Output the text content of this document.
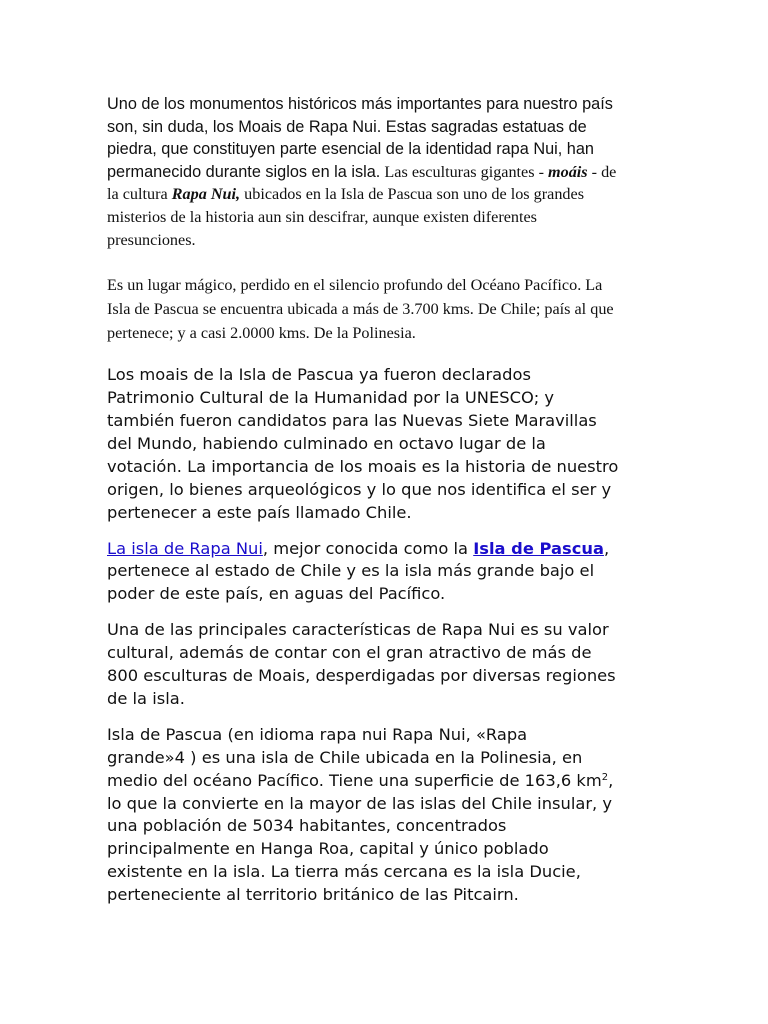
Uno de los monumentos históricos más importantes para nuestro país
son, sin duda, los Moais de Rapa Nui. Estas sagradas estatuas de
piedra, que constituyen parte esencial de la identidad rapa Nui, han
permanecido durante siglos en la isla. Las esculturas gigantes - moáis - de
la cultura Rapa Nui, ubicados en la Isla de Pascua son uno de los grandes
misterios de la historia aun sin descifrar, aunque existen diferentes
presunciones.

Es un lugar mágico, perdido en el silencio profundo del Océano Pacífico. La
Isla de Pascua se encuentra ubicada a más de 3.700 kms. De Chile; país al que
pertenece; y a casi 2.0000 kms. De la Polinesia.

Los moais de la Isla de Pascua ya fueron declarados
Patrimonio Cultural de la Humanidad por la UNESCO; y
también fueron candidatos para las Nuevas Siete Maravillas
del Mundo, habiendo culminado en octavo lugar de la
votación. La importancia de los moais es la historia de nuestro
origen, lo bienes arqueológicos y lo que nos identifica el ser y
pertenecer a este país llamado Chile.

La isla de Rapa Nui, mejor conocida como la Isla de Pascua,
pertenece al estado de Chile y es la isla más grande bajo el
poder de este país, en aguas del Pacífico.

Una de las principales características de Rapa Nui es su valor
cultural, además de contar con el gran atractivo de más de
800 esculturas de Moais, desperdigadas por diversas regiones
de la isla.

Isla de Pascua (en idioma rapa nui Rapa Nui, «Rapa
grande»4 ) es una isla de Chile ubicada en la Polinesia, en
medio del océano Pacífico. Tiene una superficie de 163,6 $km^2$,
lo que la convierte en la mayor de las islas del Chile insular, y
una población de 5034 habitantes, concentrados
principalmente en Hanga Roa, capital y único poblado
existente en la isla. La tierra más cercana es la isla Ducie,
perteneciente al territorio británico de las Pitcairn.
